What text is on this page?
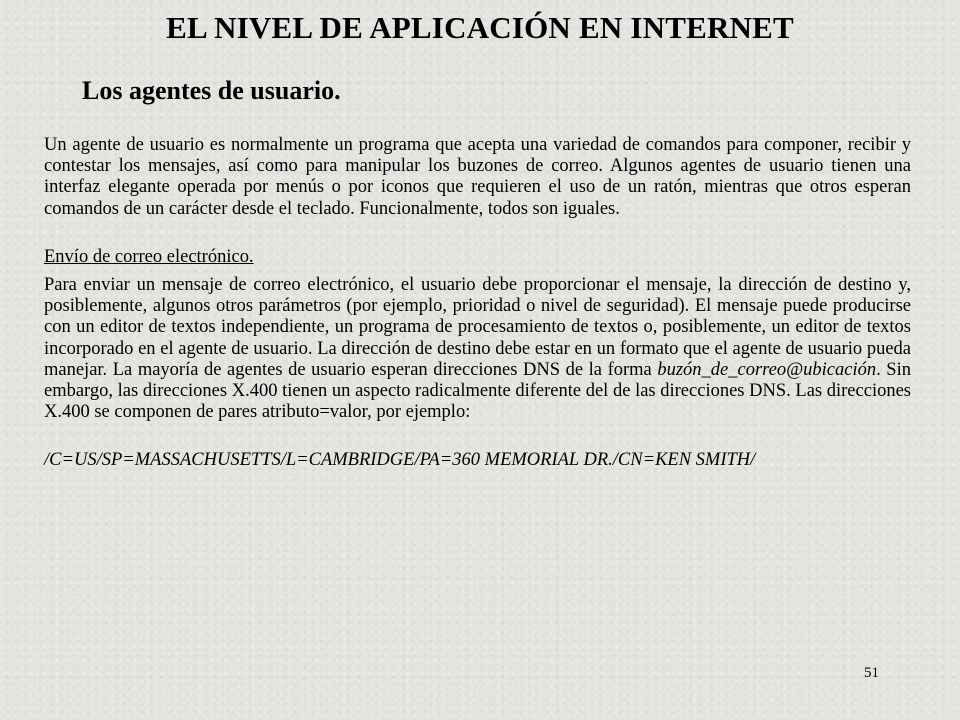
EL NIVEL DE APLICACIÓN EN INTERNET
Los agentes de usuario.

Un agente de usuario es normalmente un programa que acepta una variedad de comandos para componer, recibir y contestar los mensajes, así como para manipular los buzones de correo. Algunos agentes de usuario tienen una interfaz elegante operada por menús o por iconos que requieren el uso de un ratón, mientras que otros esperan comandos de un carácter desde el teclado. Funcionalmente, todos son iguales.

Envío de correo electrónico.

Para enviar un mensaje de correo electrónico, el usuario debe proporcionar el mensaje, la dirección de destino y, posiblemente, algunos otros parámetros (por ejemplo, prioridad o nivel de seguridad). El mensaje puede producirse con un editor de textos independiente, un programa de procesamiento de textos o, posiblemente, un editor de textos incorporado en el agente de usuario. La dirección de destino debe estar en un formato que el agente de usuario pueda manejar. La mayoría de agentes de usuario esperan direcciones DNS de la forma buzón_de_correo@ubicación. Sin embargo, las direcciones X.400 tienen un aspecto radicalmente diferente del de las direcciones DNS. Las direcciones X.400 se componen de pares atributo=valor, por ejemplo:

/C=US/SP=MASSACHUSETTS/L=CAMBRIDGE/PA=360 MEMORIAL DR./CN=KEN SMITH/

51
